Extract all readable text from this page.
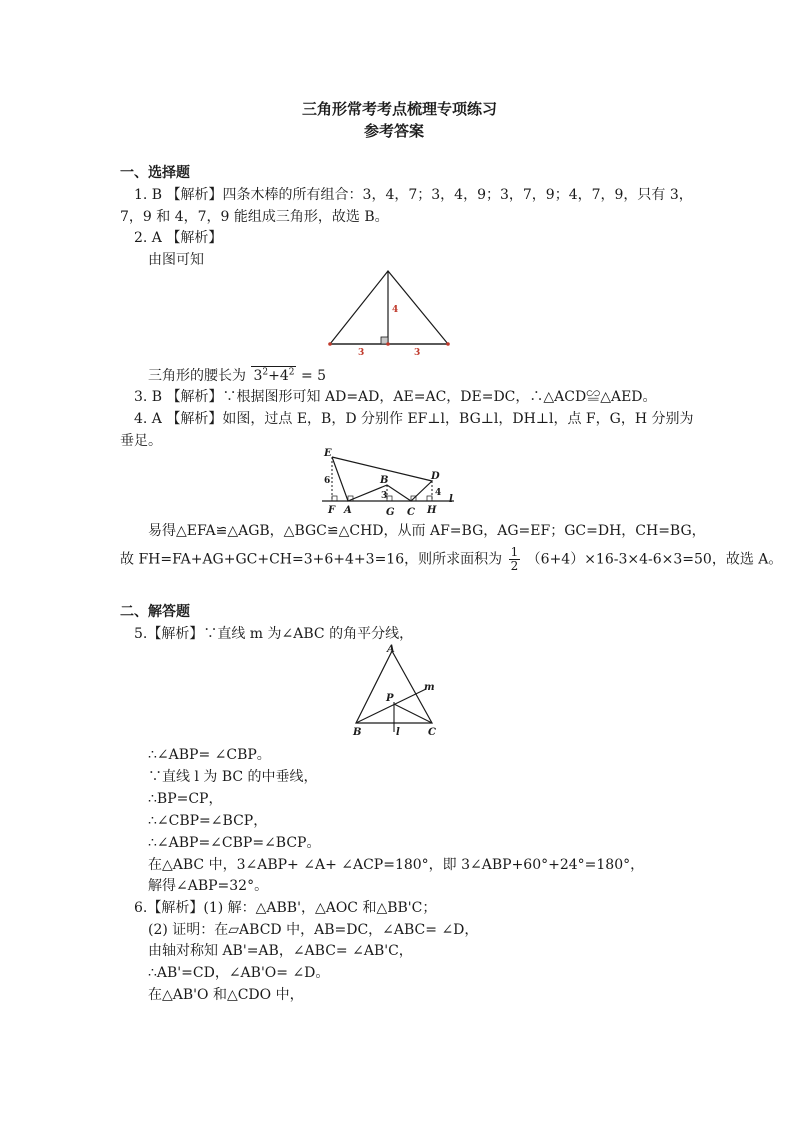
三角形常考考点梳理专项练习
参考答案
一、选择题
1. B 【解析】四条木棒的所有组合：3，4，7；3，4，9；3，7，9；4，7，9，只有 3，
7，9 和 4，7，9 能组成三角形，故选 B。
2. A 【解析】
由图可知
4
3	3
三角形的腰长为 $3^2+4^2 = 5$
3. B 【解析】∵根据图形可知 AD=AD，AE=AC，DE=DC，∴△ACD≌△AED。
4. A 【解析】如图，过点 E，B，D 分别作 EF⊥l，BG⊥l，DH⊥l，点 F，G，H 分别为
垂足。
E
B	D
F A	G C H
l
6
3	4
易得△EFA≌△AGB，△BGC≌△CHD，从而 AF=BG，AG=EF；GC=DH，CH=BG，
故 FH=FA+AG+GC+CH=3+6+4+3=16，则所求面积为 $\frac{1}{2} (6+4)\times 16-3\times 4-6\times 3=50$，故选 A。
二、解答题
5.【解析】∵直线 m 为∠ABC 的角平分线，
A
B	C
P
m
l
∴∠ABP= ∠CBP。
∵直线 l 为 BC 的中垂线，
∴BP=CP，
∴∠CBP=∠BCP，
∴∠ABP=∠CBP=∠BCP。
在△ABC 中，3∠ABP+ ∠A+ ∠ACP=180°，即 3∠ABP+60°+24°=180°，
解得∠ABP=32°。
6.【解析】(1) 解：△ABB'，△AOC 和△BB'C；
(2) 证明：在▱ABCD 中，AB=DC，∠ABC= ∠D，
由轴对称知 AB'=AB，∠ABC= ∠AB'C，
∴AB'=CD，∠AB'O= ∠D。
在△AB'O 和△CDO 中，
